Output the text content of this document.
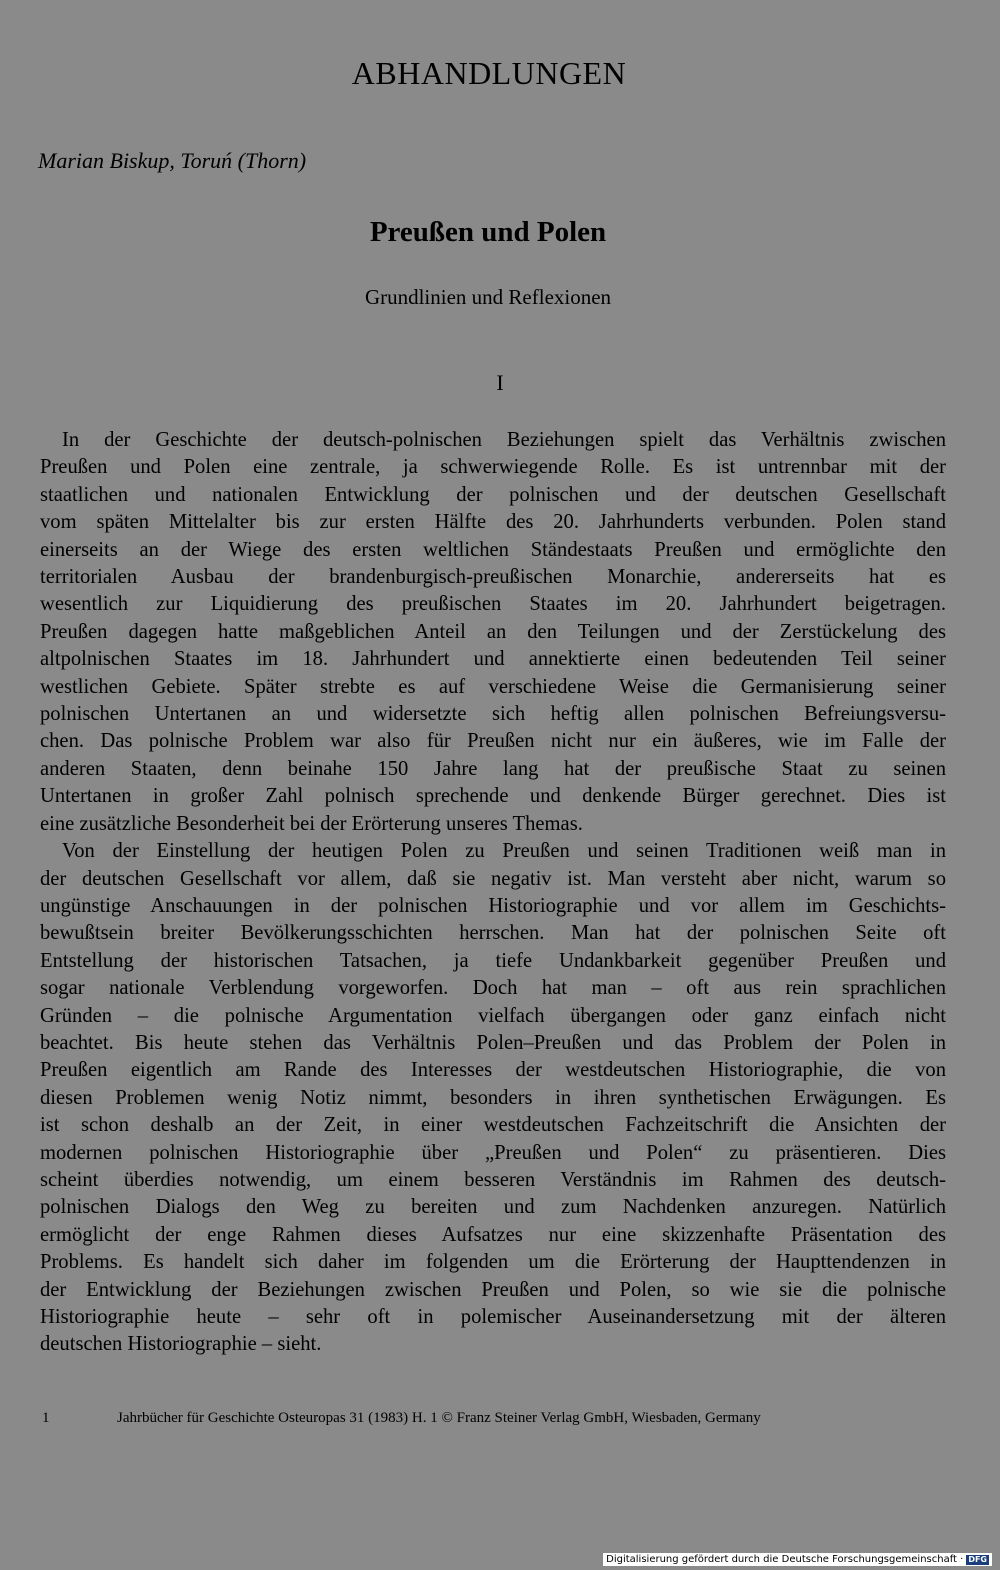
ABHANDLUNGEN
Marian Biskup, Toruń (Thorn)
Preußen und Polen
Grundlinien und Reflexionen
I
In der Geschichte der deutsch-polnischen Beziehungen spielt das Verhältnis zwischen
Preußen und Polen eine zentrale, ja schwerwiegende Rolle. Es ist untrennbar mit der
staatlichen und nationalen Entwicklung der polnischen und der deutschen Gesellschaft
vom späten Mittelalter bis zur ersten Hälfte des 20. Jahrhunderts verbunden. Polen stand
einerseits an der Wiege des ersten weltlichen Ständestaats Preußen und ermöglichte den
territorialen Ausbau der brandenburgisch-preußischen Monarchie, andererseits hat es
wesentlich zur Liquidierung des preußischen Staates im 20. Jahrhundert beigetragen.
Preußen dagegen hatte maßgeblichen Anteil an den Teilungen und der Zerstückelung des
altpolnischen Staates im 18. Jahrhundert und annektierte einen bedeutenden Teil seiner
westlichen Gebiete. Später strebte es auf verschiedene Weise die Germanisierung seiner
polnischen Untertanen an und widersetzte sich heftig allen polnischen Befreiungsversu-
chen. Das polnische Problem war also für Preußen nicht nur ein äußeres, wie im Falle der
anderen Staaten, denn beinahe 150 Jahre lang hat der preußische Staat zu seinen
Untertanen in großer Zahl polnisch sprechende und denkende Bürger gerechnet. Dies ist
eine zusätzliche Besonderheit bei der Erörterung unseres Themas.
Von der Einstellung der heutigen Polen zu Preußen und seinen Traditionen weiß man in
der deutschen Gesellschaft vor allem, daß sie negativ ist. Man versteht aber nicht, warum so
ungünstige Anschauungen in der polnischen Historiographie und vor allem im Geschichts-
bewußtsein breiter Bevölkerungsschichten herrschen. Man hat der polnischen Seite oft
Entstellung der historischen Tatsachen, ja tiefe Undankbarkeit gegenüber Preußen und
sogar nationale Verblendung vorgeworfen. Doch hat man – oft aus rein sprachlichen
Gründen – die polnische Argumentation vielfach übergangen oder ganz einfach nicht
beachtet. Bis heute stehen das Verhältnis Polen–Preußen und das Problem der Polen in
Preußen eigentlich am Rande des Interesses der westdeutschen Historiographie, die von
diesen Problemen wenig Notiz nimmt, besonders in ihren synthetischen Erwägungen. Es
ist schon deshalb an der Zeit, in einer westdeutschen Fachzeitschrift die Ansichten der
modernen polnischen Historiographie über „Preußen und Polen“ zu präsentieren. Dies
scheint überdies notwendig, um einem besseren Verständnis im Rahmen des deutsch-
polnischen Dialogs den Weg zu bereiten und zum Nachdenken anzuregen. Natürlich
ermöglicht der enge Rahmen dieses Aufsatzes nur eine skizzenhafte Präsentation des
Problems. Es handelt sich daher im folgenden um die Erörterung der Haupttendenzen in
der Entwicklung der Beziehungen zwischen Preußen und Polen, so wie sie die polnische
Historiographie heute – sehr oft in polemischer Auseinandersetzung mit der älteren
deutschen Historiographie – sieht.
1	Jahrbücher für Geschichte Osteuropas 31 (1983) H. 1 © Franz Steiner Verlag GmbH, Wiesbaden, Germany
Digitalisierung gefördert durch die Deutsche Forschungsgemeinschaft · DFG
